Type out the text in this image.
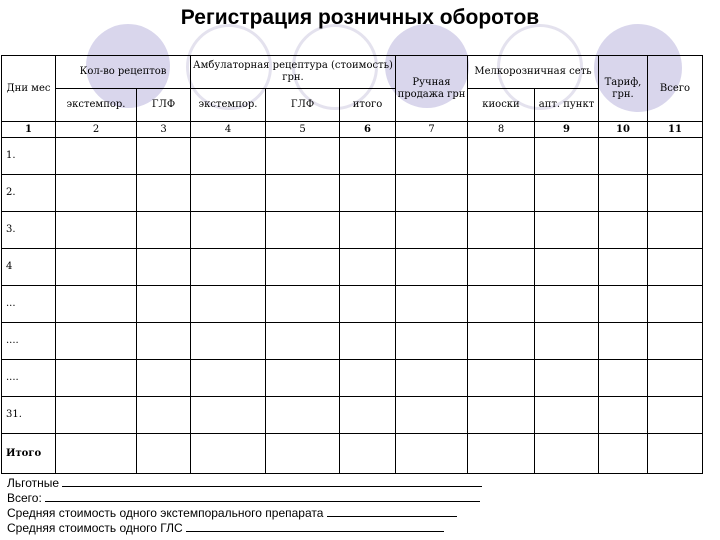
Регистрация розничных оборотов
Дни мес	Кол-во рецептов		Амбулаторная рецептура (стоимость) грн.			Ручная продажа грн	Мелкорозничная сеть		Тариф, грн.	Всего
	экстемпор.	ГЛФ	экстемпор.	ГЛФ	итого		киоски	апт. пункт		
1	2	3	4	5	6	7	8	9	10	11
1.										
2.										
3.										
4										
...										
....										
....										
31.										
Итого										
Льготные
Всего:
Средняя стоимость одного экстемпорального препарата
Средняя стоимость одного ГЛС
